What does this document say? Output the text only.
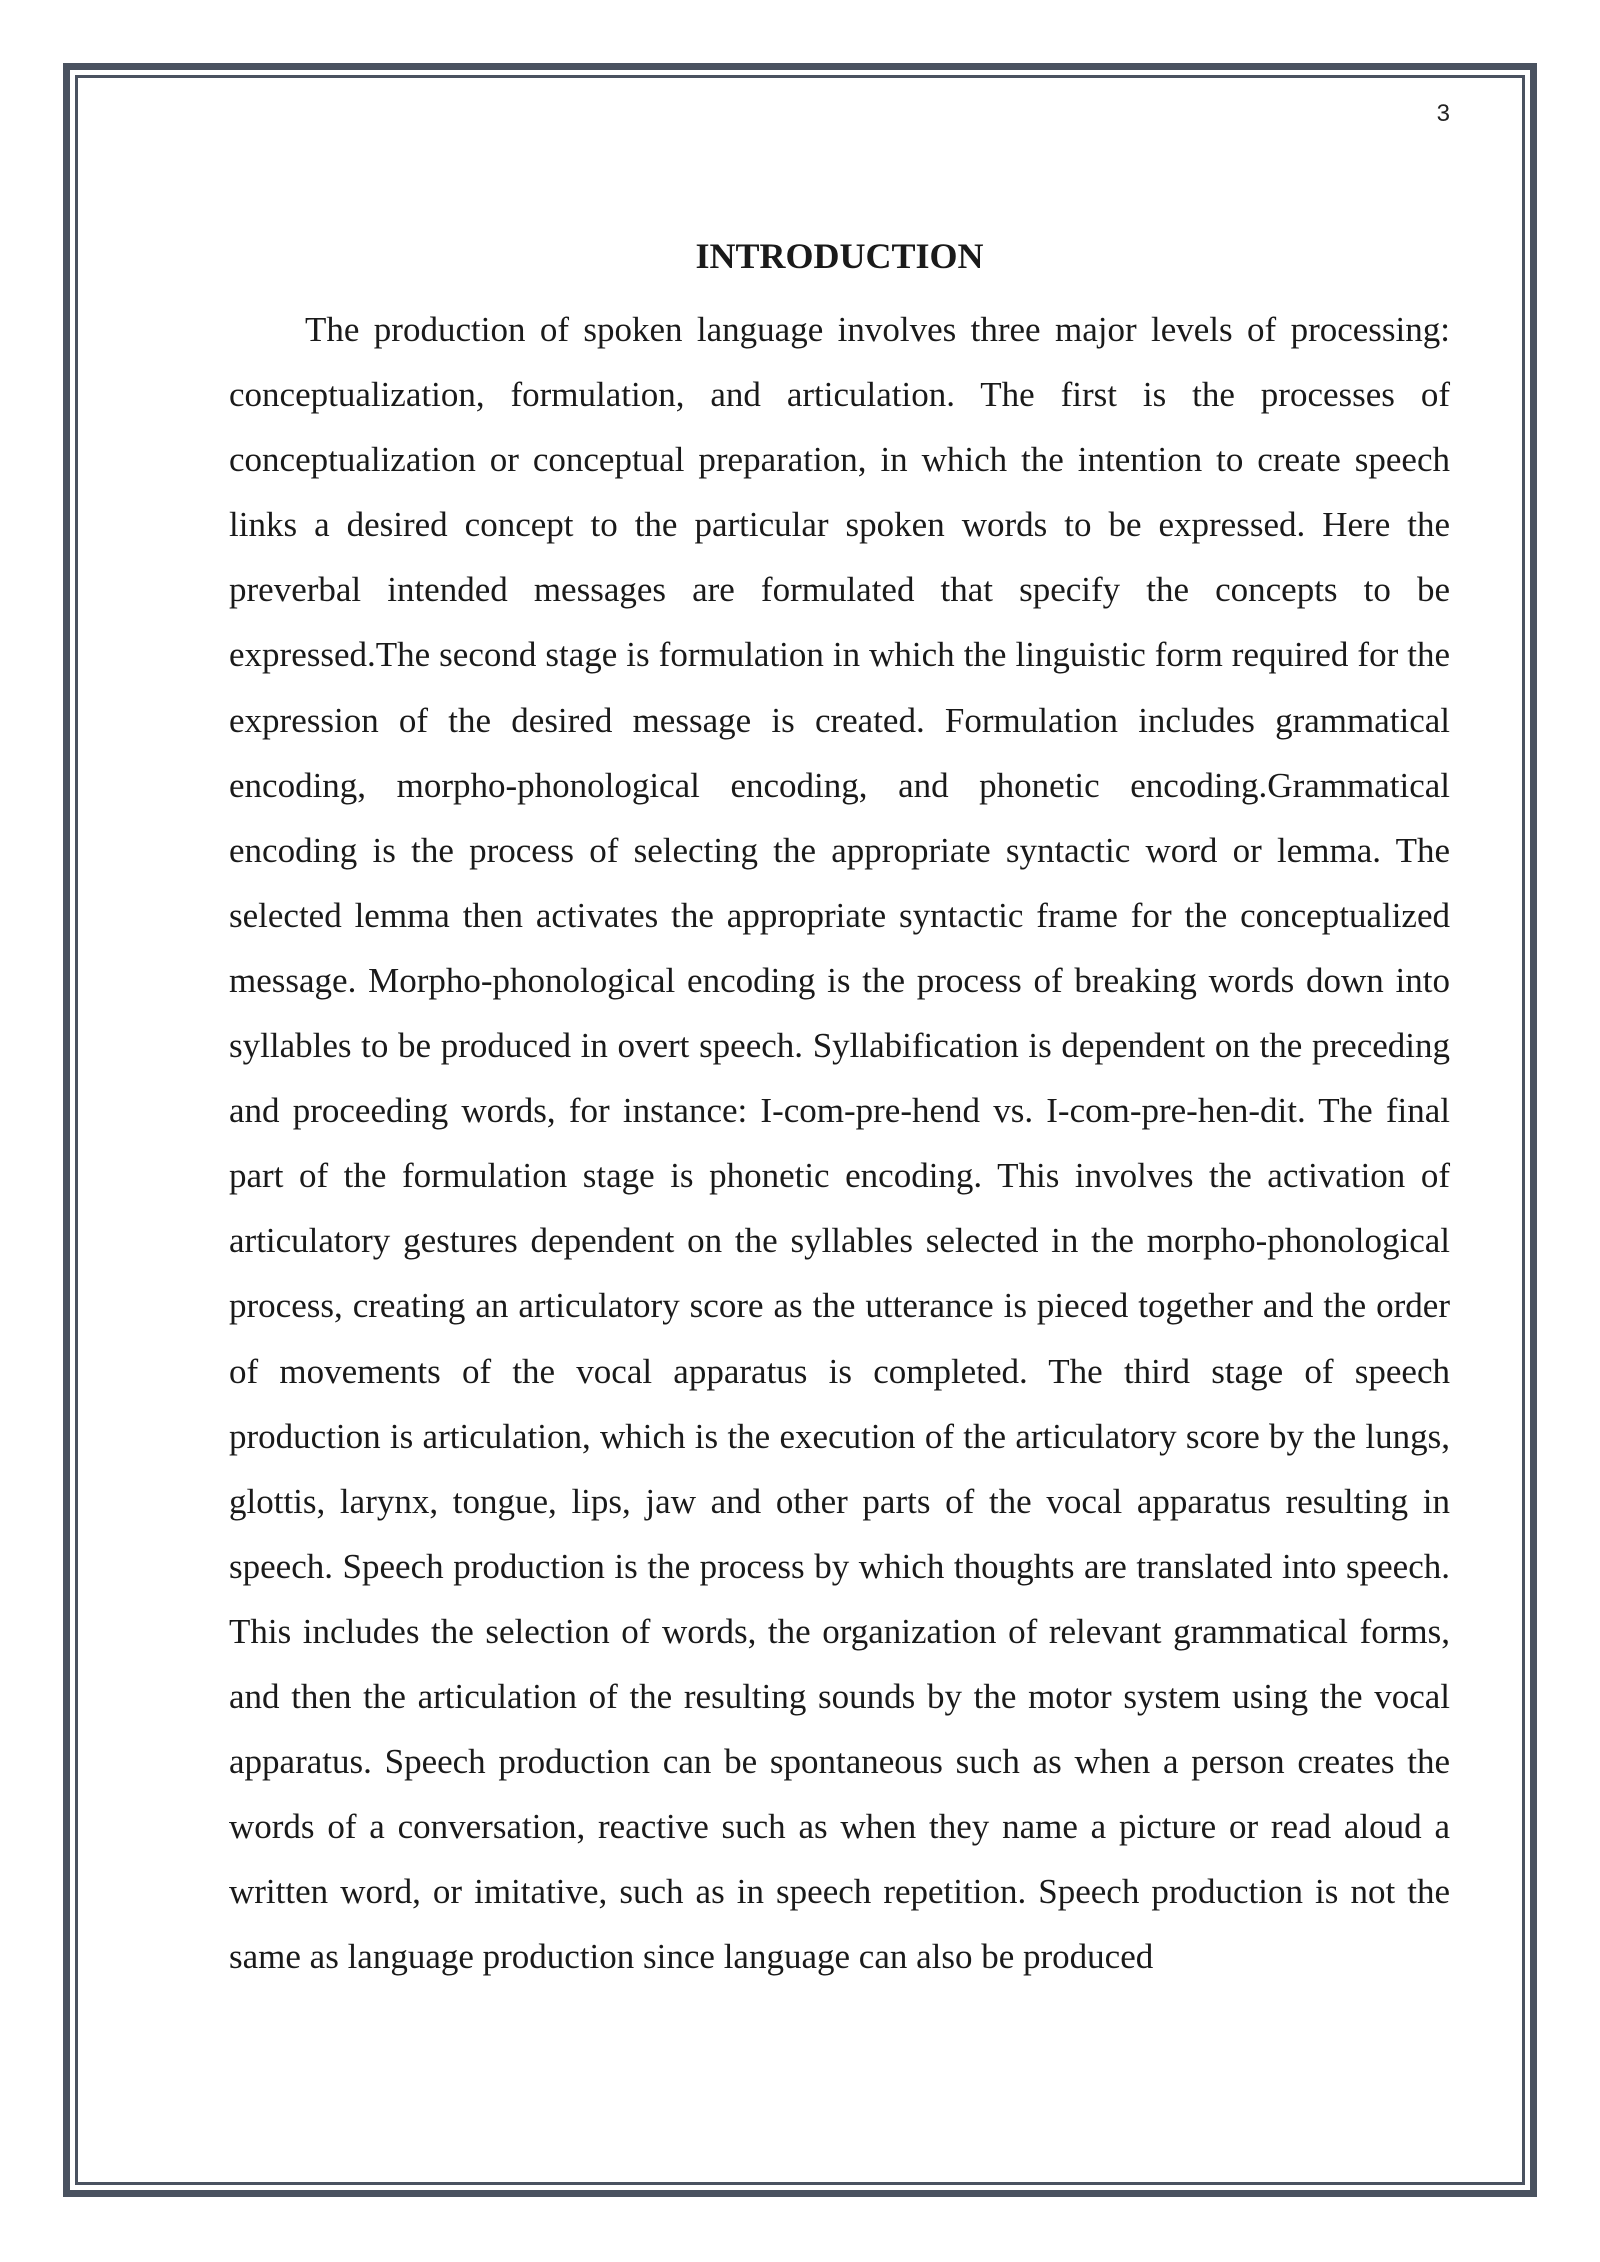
3
INTRODUCTION

The production of spoken language involves three major levels of processing: conceptualization, formulation, and articulation. The first is the processes of conceptualization or conceptual preparation, in which the intention to create speech links a desired concept to the particular spoken words to be expressed. Here the preverbal intended messages are formulated that specify the concepts to be expressed.The second stage is formulation in which the linguistic form required for the expression of the desired message is created. Formulation includes grammatical encoding, morpho-phonological encoding, and phonetic encoding.Grammatical encoding is the process of selecting the appropriate syntactic word or lemma. The selected lemma then activates the appropriate syntactic frame for the conceptualized message. Morpho-phonological encoding is the process of breaking words down into syllables to be produced in overt speech. Syllabification is dependent on the preceding and proceeding words, for instance: I-com-pre-hend vs. I-com-pre-hen-dit. The final part of the formulation stage is phonetic encoding. This involves the activation of articulatory gestures dependent on the syllables selected in the morpho-phonological process, creating an articulatory score as the utterance is pieced together and the order of movements of the vocal apparatus is completed. The third stage of speech production is articulation, which is the execution of the articulatory score by the lungs, glottis, larynx, tongue, lips, jaw and other parts of the vocal apparatus resulting in speech. Speech production is the process by which thoughts are translated into speech. This includes the selection of words, the organization of relevant grammatical forms, and then the articulation of the resulting sounds by the motor system using the vocal apparatus. Speech production can be spontaneous such as when a person creates the words of a conversation, reactive such as when they name a picture or read aloud a written word, or imitative, such as in speech repetition. Speech production is not the same as language production since language can also be produced
